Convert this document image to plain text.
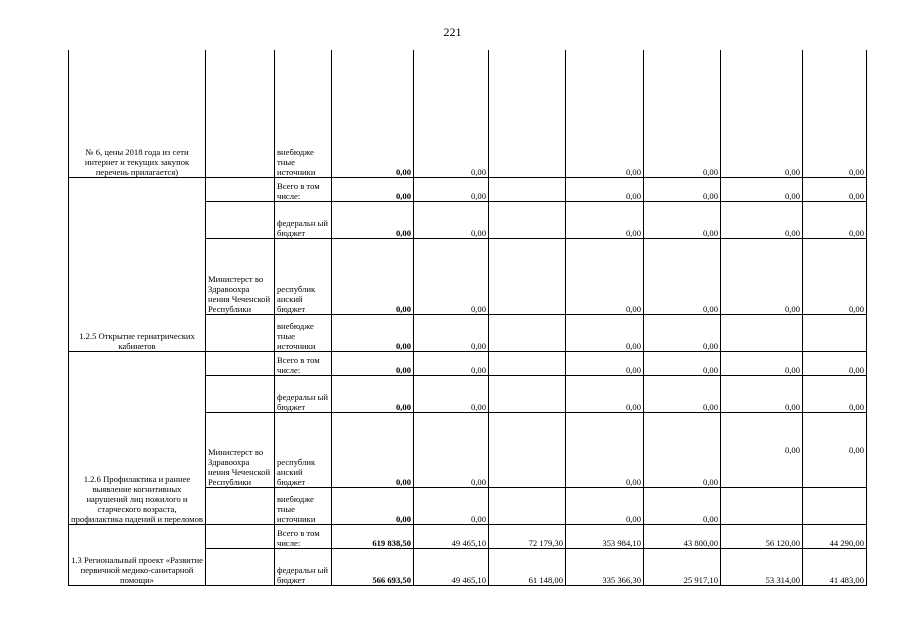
221
№ 6, цены 2018 года из сети интернет и текущих закупок перечень прилагается)		внебюдже тные источники	0,00	0,00		0,00	0,00	0,00	0,00
1.2.5 Открытие гериатрических кабинетов		Всего в том числе:	0,00	0,00		0,00	0,00	0,00	0,00
		федеральн ый бюджет	0,00	0,00		0,00	0,00	0,00	0,00
	Министерст во Здравоохра нения Чеченской Республики	республик анский бюджет	0,00	0,00		0,00	0,00	0,00	0,00
		внебюдже тные источники	0,00	0,00		0,00	0,00		
1.2.6 Профилактика и раннее выявление когнитивных нарушений лиц пожилого и старческого возраста, профилактика падений и переломов		Всего в том числе:	0,00	0,00		0,00	0,00	0,00	0,00
		федеральн ый бюджет	0,00	0,00		0,00	0,00	0,00	0,00
	Министерст во Здравоохра нения Чеченской Республики	республик анский бюджет	0,00	0,00		0,00	0,00	0,00	0,00
		внебюдже тные источники	0,00	0,00		0,00	0,00		
1.3 Региональный проект «Развитие первичной медико-санитарной помощи»		Всего в том числе:	619 838,50	49 465,10	72 179,30	353 984,10	43 800,00	56 120,00	44 290,00
		федеральн ый бюджет	566 693,50	49 465,10	61 148,00	335 366,30	25 917,10	53 314,00	41 483,00
